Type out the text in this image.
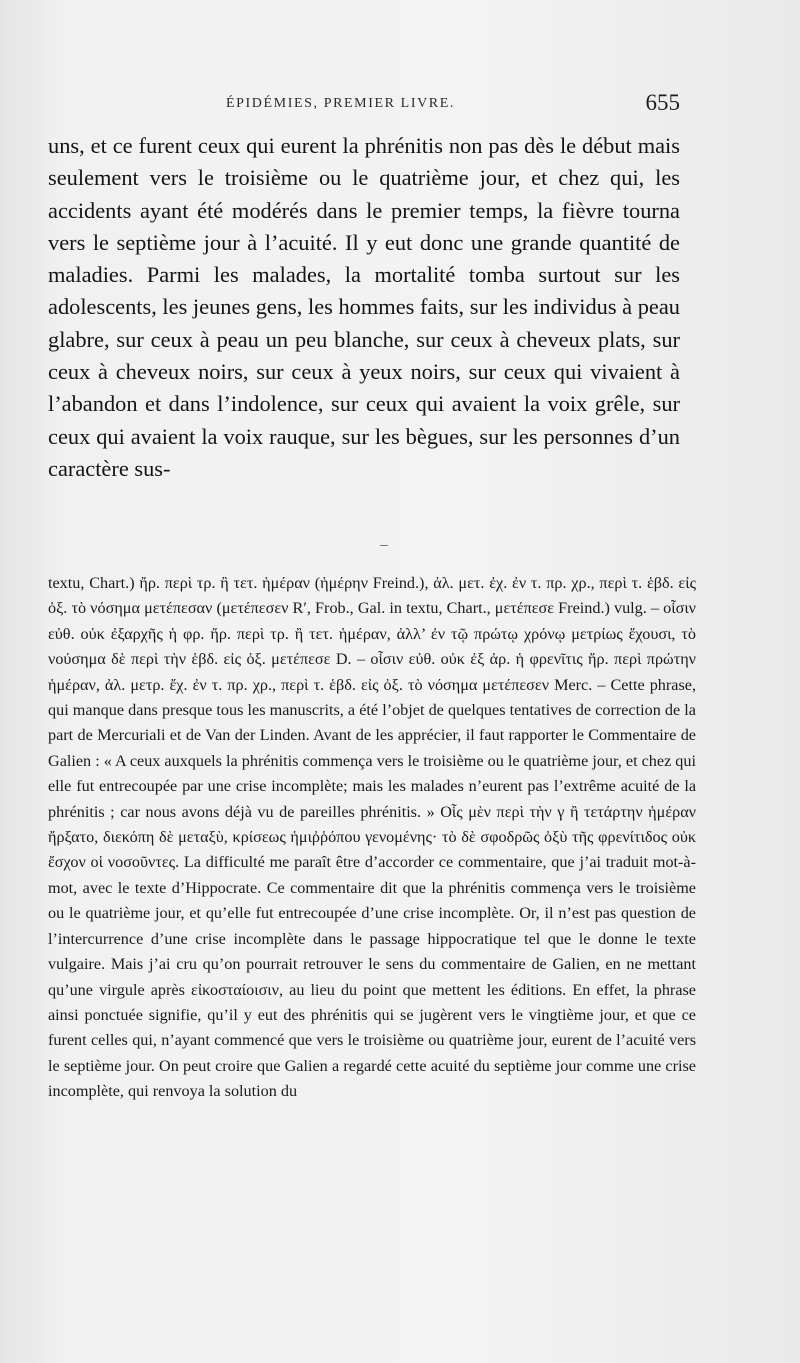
ÉPIDÉMIES, PREMIER LIVRE.	655

uns, et ce furent ceux qui eurent la phrénitis non pas dès le début mais seulement vers le troisième ou le quatrième jour, et chez qui, les accidents ayant été modérés dans le premier temps, la fièvre tourna vers le septième jour à l’acuité. Il y eut donc une grande quantité de maladies. Parmi les malades, la mortalité tomba surtout sur les adolescents, les jeunes gens, les hommes faits, sur les individus à peau glabre, sur ceux à peau un peu blanche, sur ceux à cheveux plats, sur ceux à cheveux noirs, sur ceux à yeux noirs, sur ceux qui vivaient à l’abandon et dans l’indolence, sur ceux qui avaient la voix grêle, sur ceux qui avaient la voix rauque, sur les bègues, sur les personnes d’un caractère sus-

textu, Chart.) ἤρ. περὶ τρ. ἢ τετ. ἡμέραν (ἡμέρην Freind.), ἀλ. μετ. ἐχ. ἐν τ. πρ. χρ., περὶ τ. ἑβδ. εἰς ὀξ. τὸ νόσημα μετέπεσαν (μετέπεσεν R′, Frob., Gal. in textu, Chart., μετέπεσε Freind.) vulg. – οἷσιν εὐθ. οὐκ ἐξαρχῆς ἡ φρ. ἤρ. περὶ τρ. ἢ τετ. ἡμέραν, ἀλλ’ ἐν τῷ πρώτῳ χρόνῳ μετρίως ἔχουσι, τὸ νούσημα δὲ περὶ τὴν ἑβδ. εἰς ὀξ. μετέπεσε D. – οἷσιν εὐθ. οὐκ ἐξ ἀρ. ἡ φρενῖτις ἤρ. περὶ πρώτην ἡμέραν, ἀλ. μετρ. ἔχ. ἐν τ. πρ. χρ., περὶ τ. ἑβδ. εἰς ὀξ. τὸ νόσημα μετέπεσεν Merc. – Cette phrase, qui manque dans presque tous les manuscrits, a été l’objet de quelques tentatives de correction de la part de Mercuriali et de Van der Linden. Avant de les apprécier, il faut rapporter le Commentaire de Galien : « A ceux auxquels la phrénitis commença vers le troisième ou le quatrième jour, et chez qui elle fut entrecoupée par une crise incomplète; mais les malades n’eurent pas l’extrême acuité de la phrénitis ; car nous avons déjà vu de pareilles phrénitis. » Οἷς μὲν περὶ τὴν γ ἢ τετάρτην ἡμέραν ἤρξατο, διεκόπη δὲ μεταξὺ, κρίσεως ἡμιῤῥόπου γενομένης· τὸ δὲ σφοδρῶς ὀξὺ τῆς φρενίτιδος οὐκ ἔσχον οἱ νοσοῦντες. La difficulté me paraît être d’accorder ce commentaire, que j’ai traduit mot-à-mot, avec le texte d’Hippocrate. Ce commentaire dit que la phrénitis commença vers le troisième ou le quatrième jour, et qu’elle fut entrecoupée d’une crise incomplète. Or, il n’est pas question de l’intercurrence d’une crise incomplète dans le passage hippocratique tel que le donne le texte vulgaire. Mais j’ai cru qu’on pourrait retrouver le sens du commentaire de Galien, en ne mettant qu’une virgule après εἰκοσταίοισιν, au lieu du point que mettent les éditions. En effet, la phrase ainsi ponctuée signifie, qu’il y eut des phrénitis qui se jugèrent vers le vingtième jour, et que ce furent celles qui, n’ayant commencé que vers le troisième ou quatrième jour, eurent de l’acuité vers le septième jour. On peut croire que Galien a regardé cette acuité du septième jour comme une crise incomplète, qui renvoya la solution du
